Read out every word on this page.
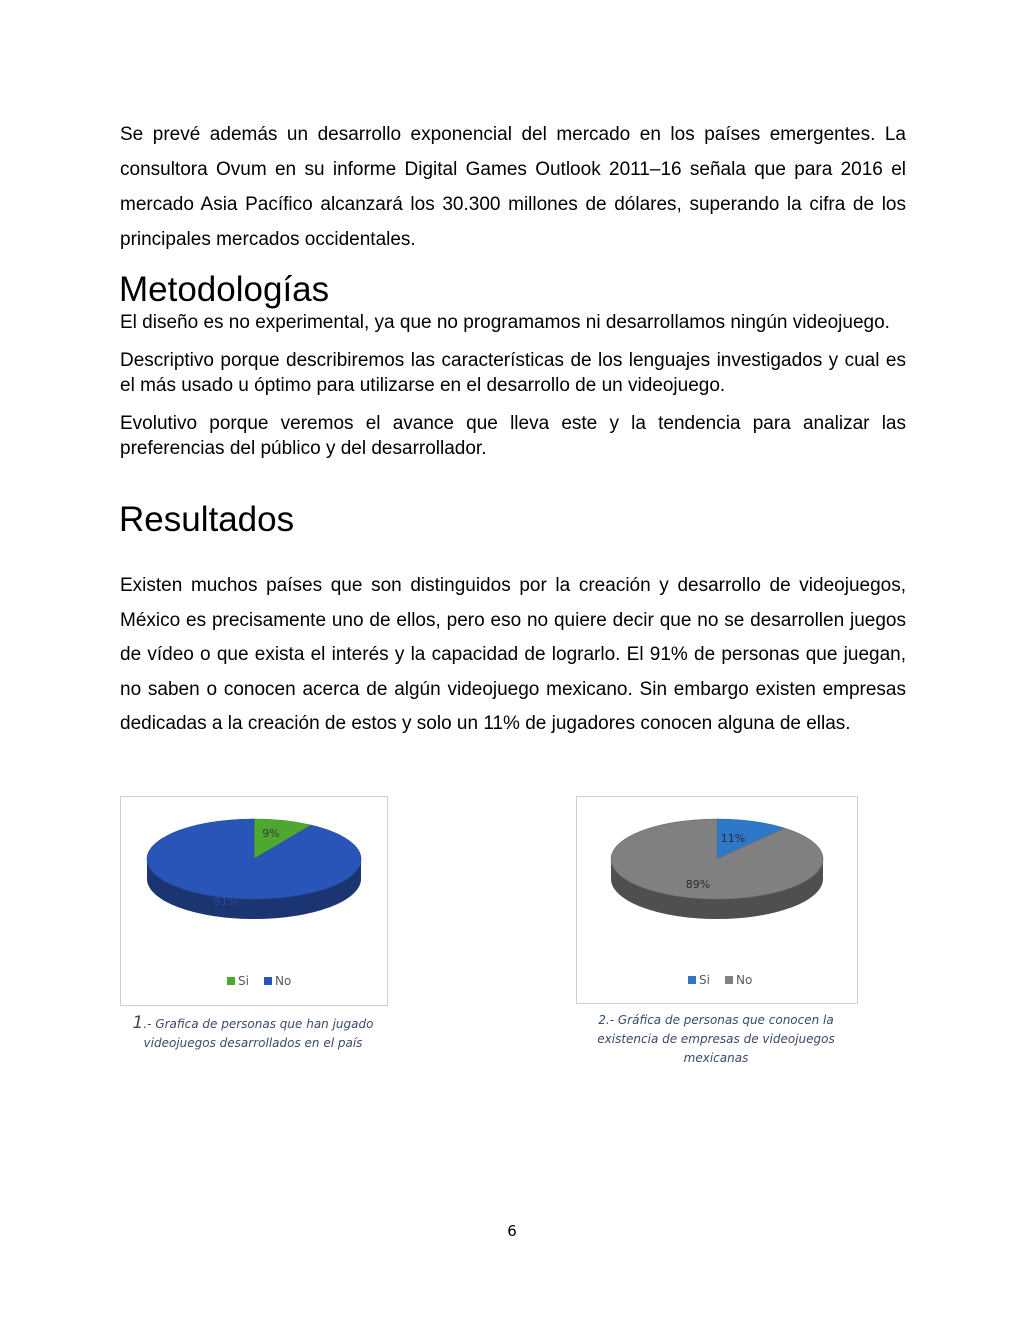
Se prevé además un desarrollo exponencial del mercado en los países emergentes. La consultora Ovum en su informe Digital Games Outlook 2011–16 señala que para 2016 el mercado Asia Pacífico alcanzará los 30.300 millones de dólares, superando la cifra de los principales mercados occidentales.

Metodologías

El diseño es no experimental, ya que no programamos ni desarrollamos ningún videojuego.

Descriptivo porque describiremos las características de los lenguajes investigados y cual es el más usado u óptimo para utilizarse en el desarrollo de un videojuego.

Evolutivo porque veremos el avance que lleva este y la tendencia para analizar las preferencias del público y del desarrollador.

Resultados

Existen muchos países que son distinguidos por la creación y desarrollo de videojuegos, México es precisamente uno de ellos, pero eso no quiere decir que no se desarrollen juegos de vídeo o que exista el interés y la capacidad de lograrlo. El 91% de personas que juegan, no saben o conocen acerca de algún videojuego mexicano. Sin embargo existen empresas dedicadas a la creación de estos y solo un 11% de jugadores conocen alguna de ellas.

9%
91%
Si No
11%
89%
Si No
1.- Grafica de personas que han jugado videojuegos desarrollados en el país
2.- Gráfica de personas que conocen la existencia de empresas de videojuegos mexicanas
6
